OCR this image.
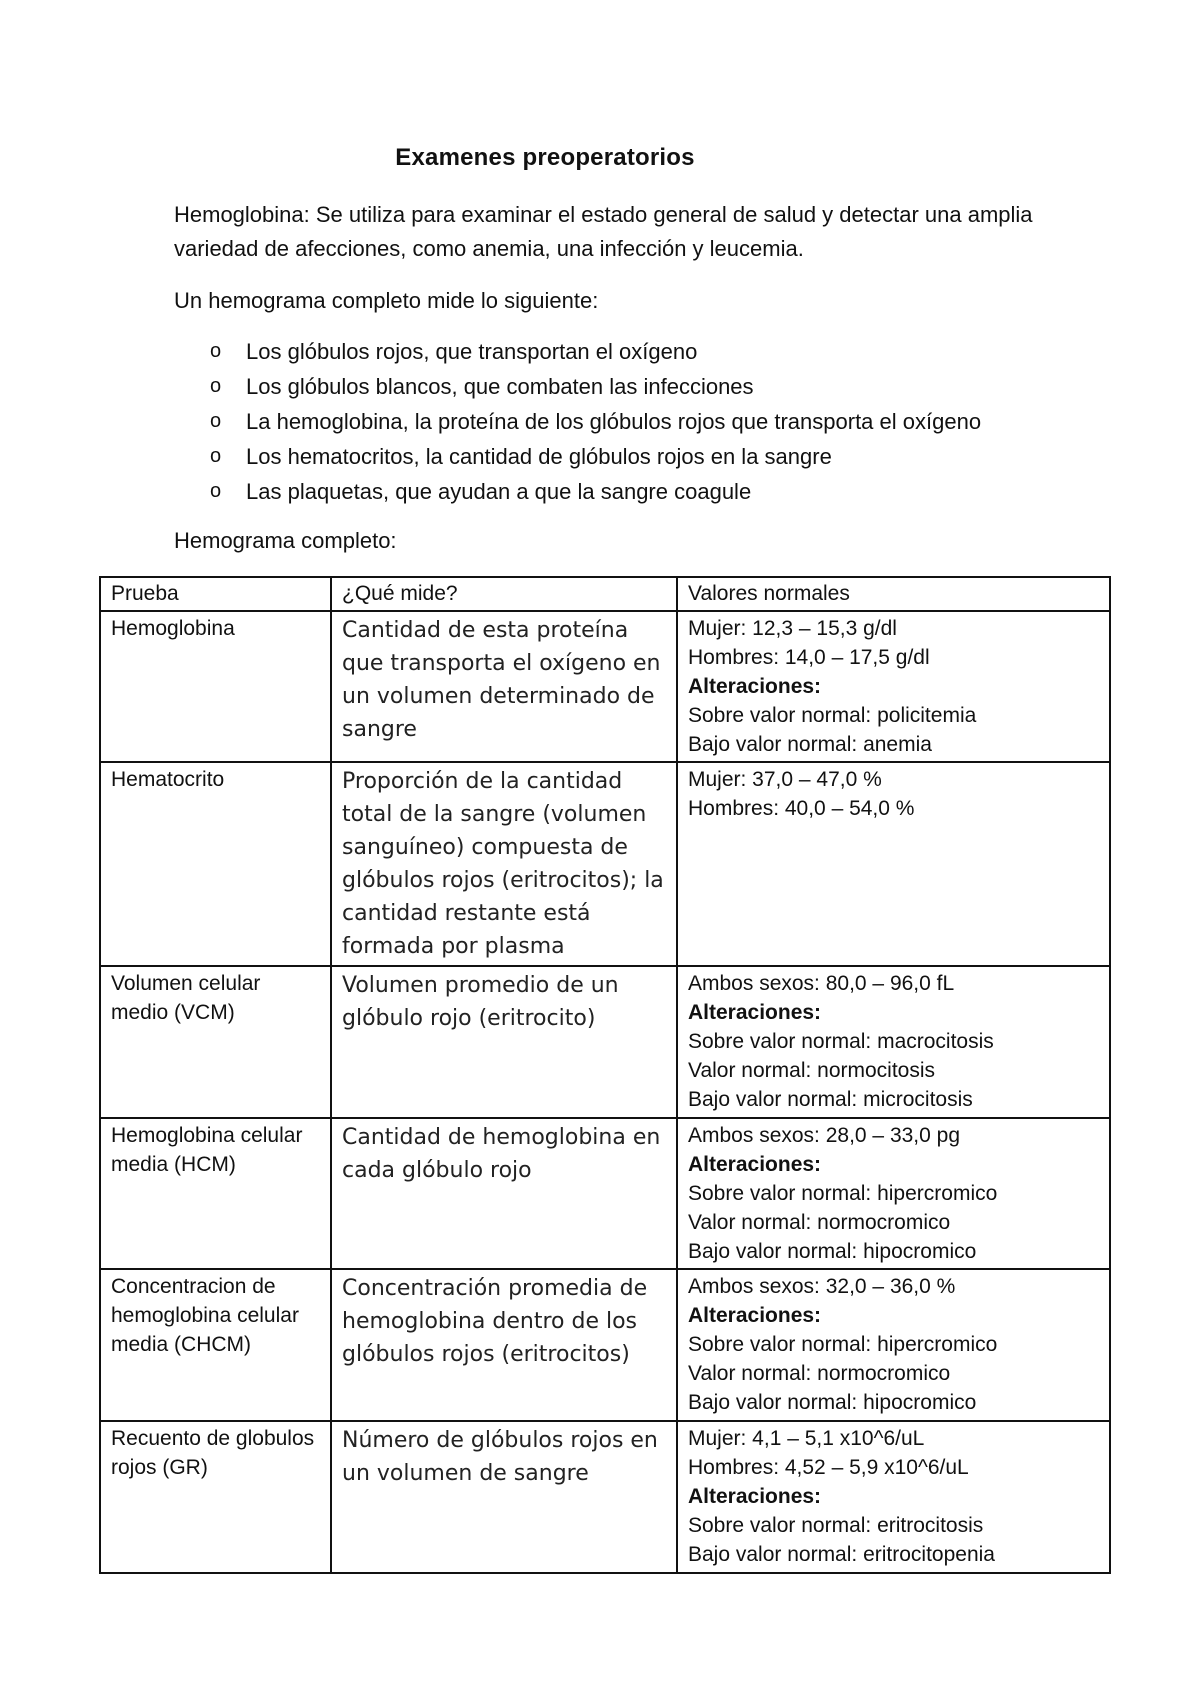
Examenes preoperatorios

Hemoglobina: Se utiliza para examinar el estado general de salud y detectar una amplia variedad de afecciones, como anemia, una infección y leucemia.

Un hemograma completo mide lo siguiente:

o Los glóbulos rojos, que transportan el oxígeno
o Los glóbulos blancos, que combaten las infecciones
o La hemoglobina, la proteína de los glóbulos rojos que transporta el oxígeno
o Los hematocritos, la cantidad de glóbulos rojos en la sangre
o Las plaquetas, que ayudan a que la sangre coagule

Hemograma completo:

Prueba	¿Qué mide?	Valores normales
Hemoglobina	Cantidad de esta proteína que transporta el oxígeno en un volumen determinado de sangre	Mujer: 12,3 – 15,3 g/dl
Hombres: 14,0 – 17,5 g/dl
Alteraciones:
Sobre valor normal: policitemia
Bajo valor normal: anemia

Hematocrito	Proporción de la cantidad total de la sangre (volumen sanguíneo) compuesta de glóbulos rojos (eritrocitos); la cantidad restante está formada por plasma	Mujer: 37,0 – 47,0 %
Hombres: 40,0 – 54,0 %

Volumen celular medio (VCM)	Volumen promedio de un glóbulo rojo (eritrocito)	Ambos sexos: 80,0 – 96,0 fL
Alteraciones:
Sobre valor normal: macrocitosis
Valor normal: normocitosis
Bajo valor normal: microcitosis

Hemoglobina celular media (HCM)	Cantidad de hemoglobina en cada glóbulo rojo	Ambos sexos: 28,0 – 33,0 pg
Alteraciones:
Sobre valor normal: hipercromico
Valor normal: normocromico
Bajo valor normal: hipocromico

Concentracion de hemoglobina celular media (CHCM)	Concentración promedia de hemoglobina dentro de los glóbulos rojos (eritrocitos)	Ambos sexos: 32,0 – 36,0 %
Alteraciones:
Sobre valor normal: hipercromico
Valor normal: normocromico
Bajo valor normal: hipocromico

Recuento de globulos rojos (GR)	Número de glóbulos rojos en un volumen de sangre	Mujer: 4,1 – 5,1 x10^6/uL
Hombres: 4,52 – 5,9 x10^6/uL
Alteraciones:
Sobre valor normal: eritrocitosis
Bajo valor normal: eritrocitopenia
